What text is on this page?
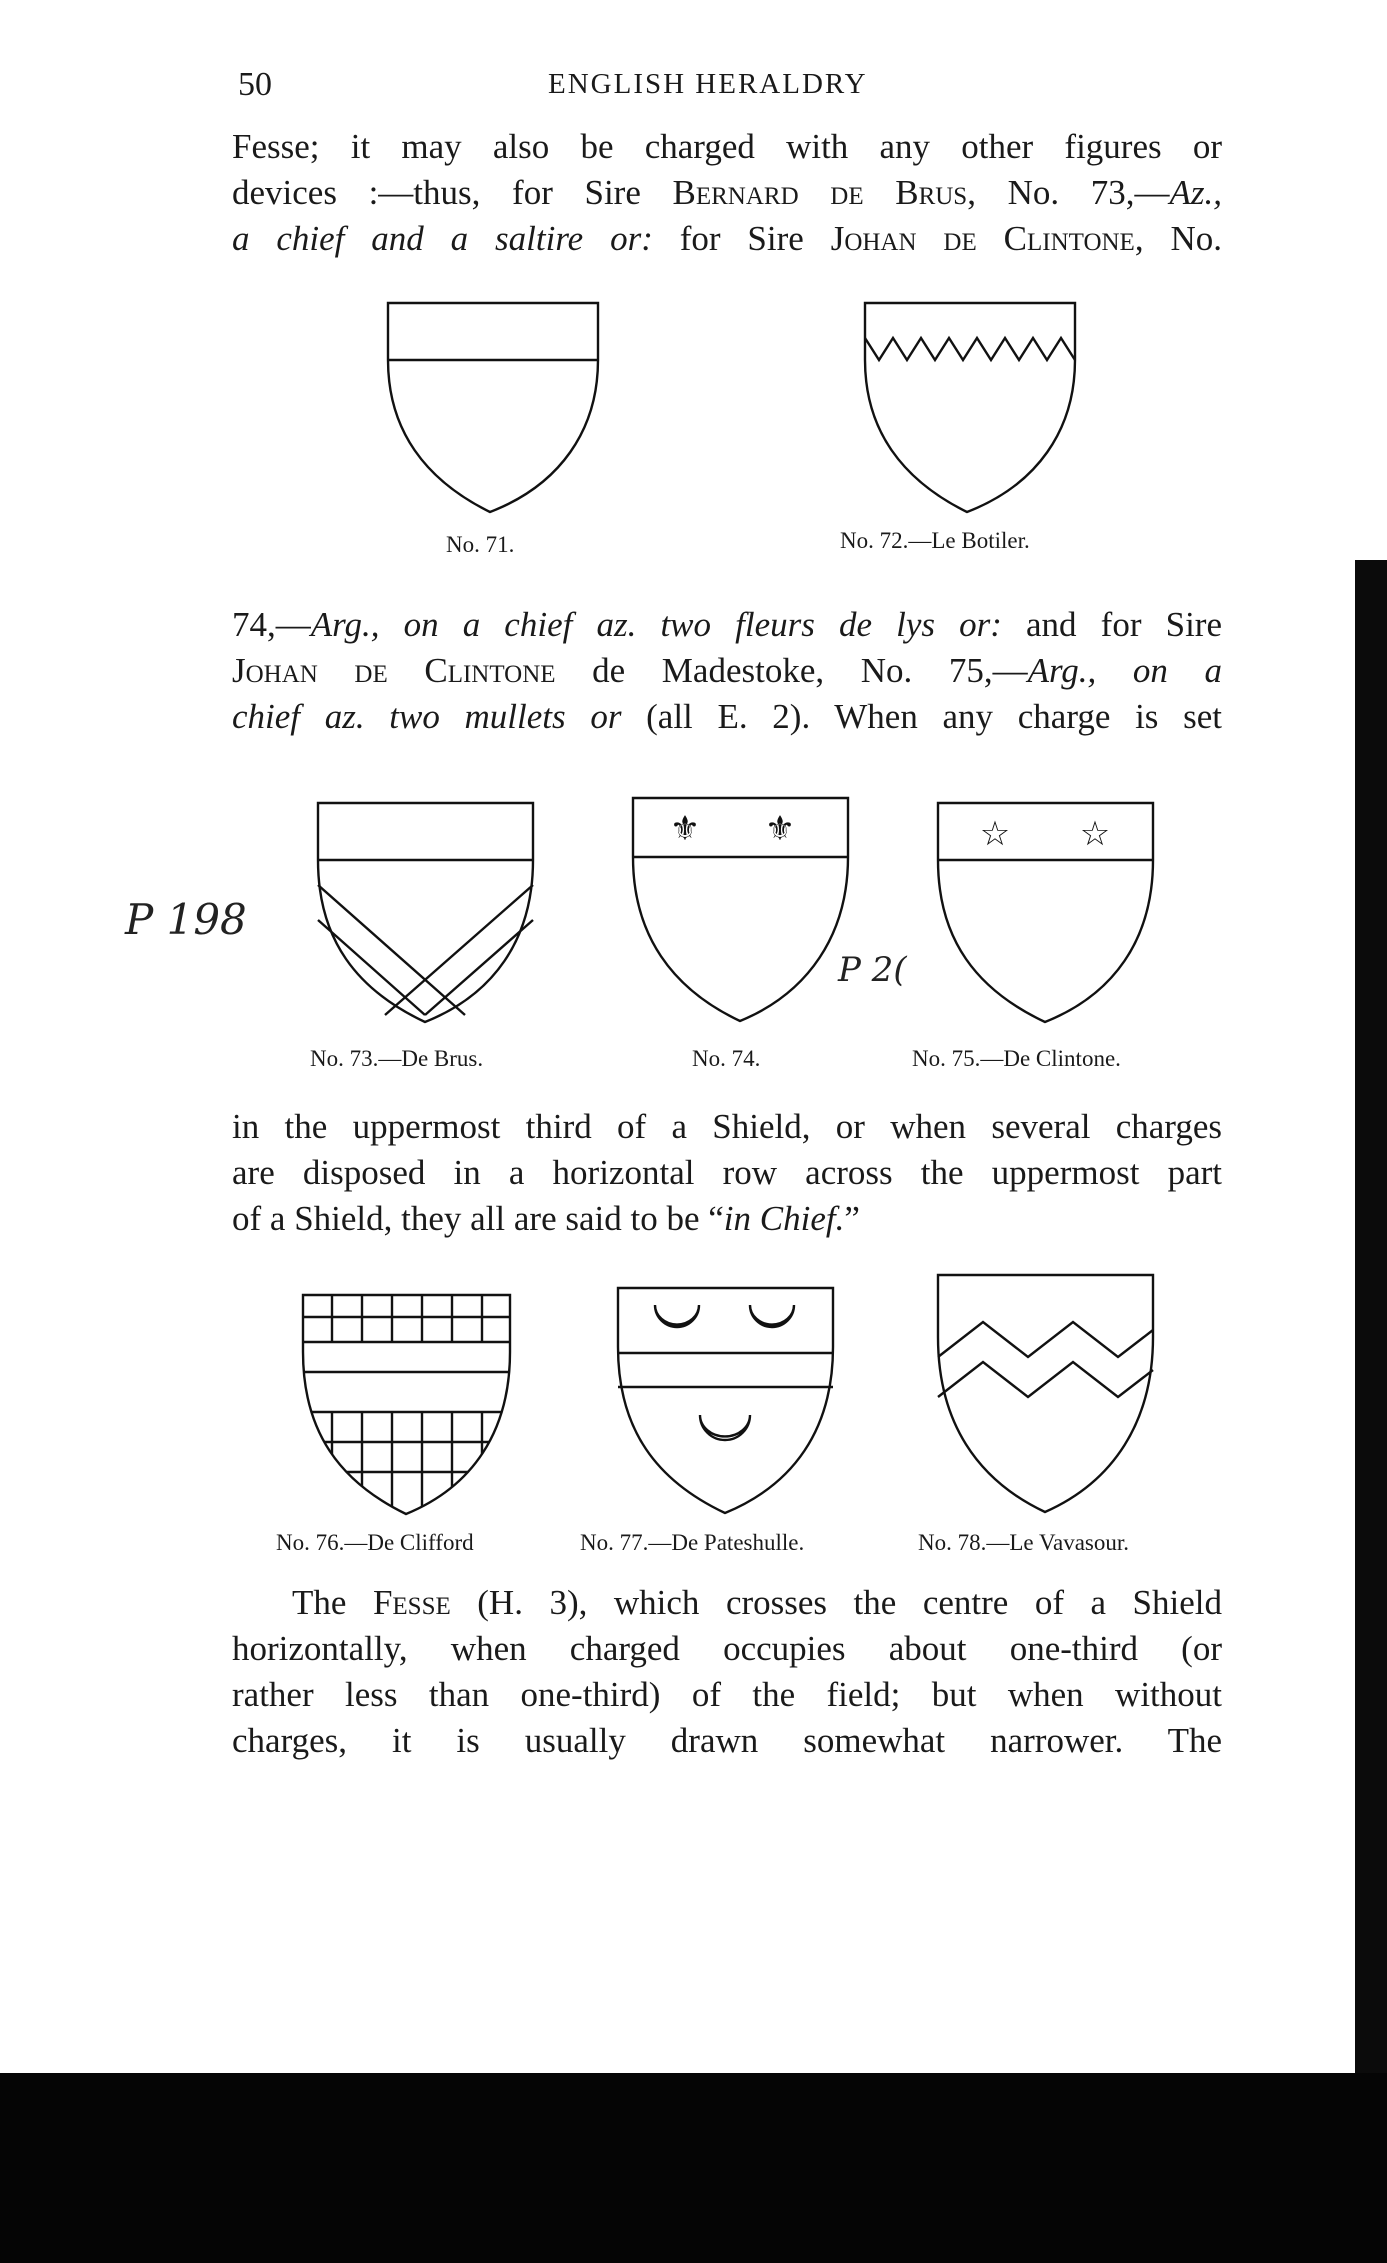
50	ENGLISH HERALDRY
Fesse; it may also be charged with any other figures or
devices :—thus, for Sire Bernard de Brus, No. 73,—Az.,
a chief and a saltire or: for Sire Johan de Clintone, No.
No. 71.	No. 72.—Le Botiler.
74,—Arg., on a chief az. two fleurs de lys or: and for Sire
Johan de Clintone de Madestoke, No. 75,—Arg., on a
chief az. two mullets or (all E. 2). When any charge is set
⚜ ⚜	☆ ☆
P 198
P 2(
No. 73.—De Brus.	No. 74.	No. 75.—De Clintone.
in the uppermost third of a Shield, or when several charges
are disposed in a horizontal row across the uppermost part
of a Shield, they all are said to be “in Chief.”
No. 76.—De Clifford	No. 77.—De Pateshulle.	No. 78.—Le Vavasour.
The Fesse (H. 3), which crosses the centre of a Shield
horizontally, when charged occupies about one-third (or
rather less than one-third) of the field; but when without
charges, it is usually drawn somewhat narrower. The
